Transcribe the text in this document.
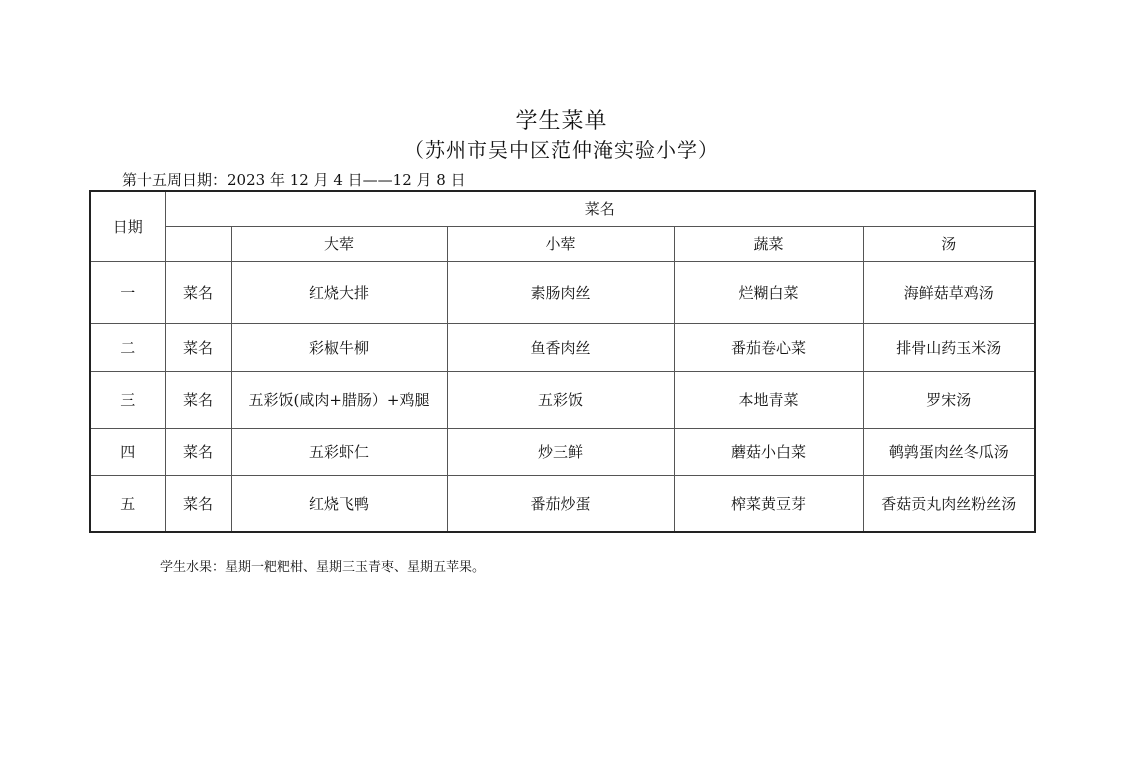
学生菜单
（苏州市吴中区范仲淹实验小学）
第十五周日期：2023 年 12 月 4 日——12 月 8 日
日期	菜名				
		大荤	小荤	蔬菜	汤
一	菜名	红烧大排	素肠肉丝	烂糊白菜	海鲜菇草鸡汤
二	菜名	彩椒牛柳	鱼香肉丝	番茄卷心菜	排骨山药玉米汤
三	菜名	五彩饭(咸肉+腊肠）+鸡腿	五彩饭	本地青菜	罗宋汤
四	菜名	五彩虾仁	炒三鲜	蘑菇小白菜	鹌鹑蛋肉丝冬瓜汤
五	菜名	红烧飞鸭	番茄炒蛋	榨菜黄豆芽	香菇贡丸肉丝粉丝汤
学生水果：星期一粑粑柑、星期三玉青枣、星期五苹果。
